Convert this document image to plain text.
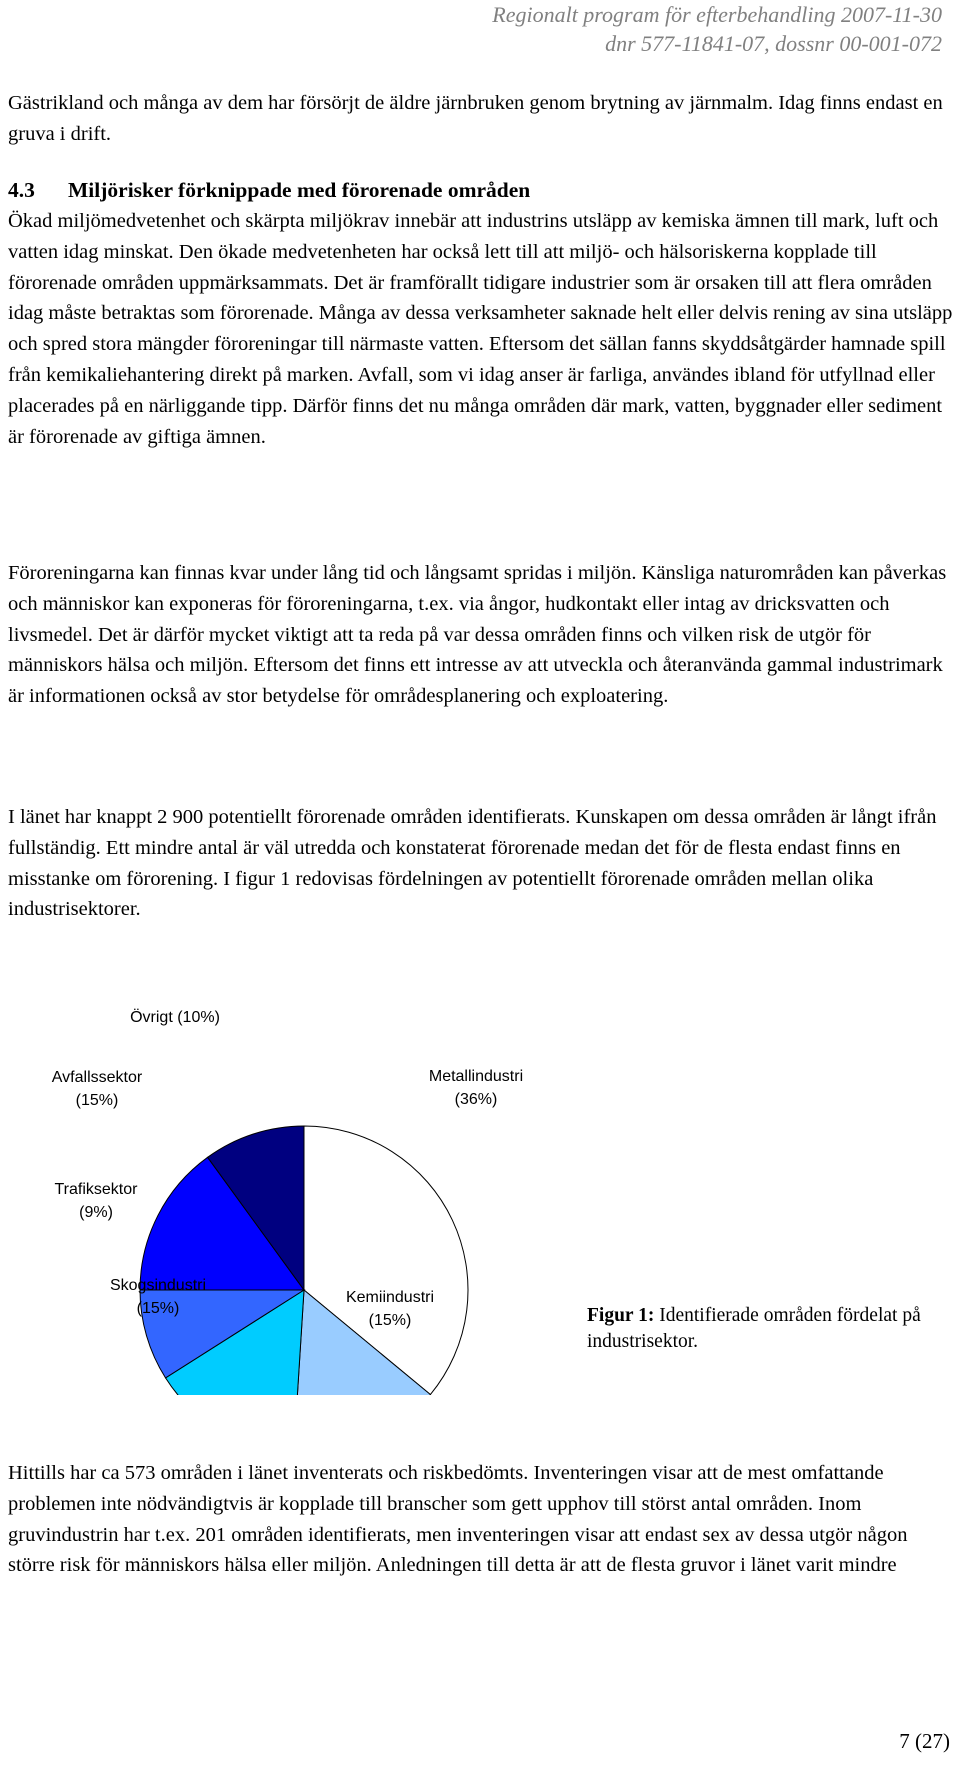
Regionalt program för efterbehandling 2007-11-30
dnr 577-11841-07, dossnr 00-001-072

Gästrikland och många av dem har försörjt de äldre järnbruken genom brytning av järnmalm. Idag finns endast en gruva i drift.

4.3 Miljörisker förknippade med förorenade områden

Ökad miljömedvetenhet och skärpta miljökrav innebär att industrins utsläpp av kemiska ämnen till mark, luft och vatten idag minskat. Den ökade medvetenheten har också lett till att miljö- och hälsoriskerna kopplade till förorenade områden uppmärksammats. Det är framförallt tidigare industrier som är orsaken till att flera områden idag måste betraktas som förorenade. Många av dessa verksamheter saknade helt eller delvis rening av sina utsläpp och spred stora mängder föroreningar till närmaste vatten. Eftersom det sällan fanns skyddsåtgärder hamnade spill från kemikaliehantering direkt på marken. Avfall, som vi idag anser är farliga, användes ibland för utfyllnad eller placerades på en närliggande tipp. Därför finns det nu många områden där mark, vatten, byggnader eller sediment är förorenade av giftiga ämnen.

Föroreningarna kan finnas kvar under lång tid och långsamt spridas i miljön. Känsliga naturområden kan påverkas och människor kan exponeras för föroreningarna, t.ex. via ångor, hudkontakt eller intag av dricksvatten och livsmedel. Det är därför mycket viktigt att ta reda på var dessa områden finns och vilken risk de utgör för människors hälsa och miljön. Eftersom det finns ett intresse av att utveckla och återanvända gammal industrimark är informationen också av stor betydelse för områdesplanering och exploatering.

I länet har knappt 2 900 potentiellt förorenade områden identifierats. Kunskapen om dessa områden är långt ifrån fullständig. Ett mindre antal är väl utredda och konstaterat förorenade medan det för de flesta endast finns en misstanke om förorening. I figur 1 redovisas fördelningen av potentiellt förorenade områden mellan olika industrisektorer.

Metallindustri (36%)
Kemiindustri (15%)
Skogsindustri (15%)
Trafiksektor (9%)
Avfallssektor (15%)
Övrigt (10%)
Figur 1: Identifierade områden fördelat på industrisektor.

Hittills har ca 573 områden i länet inventerats och riskbedömts. Inventeringen visar att de mest omfattande problemen inte nödvändigtvis är kopplade till branscher som gett upphov till störst antal områden. Inom gruvindustrin har t.ex. 201 områden identifierats, men inventeringen visar att endast sex av dessa utgör någon större risk för människors hälsa eller miljön. Anledningen till detta är att de flesta gruvor i länet varit mindre

7 (27)
